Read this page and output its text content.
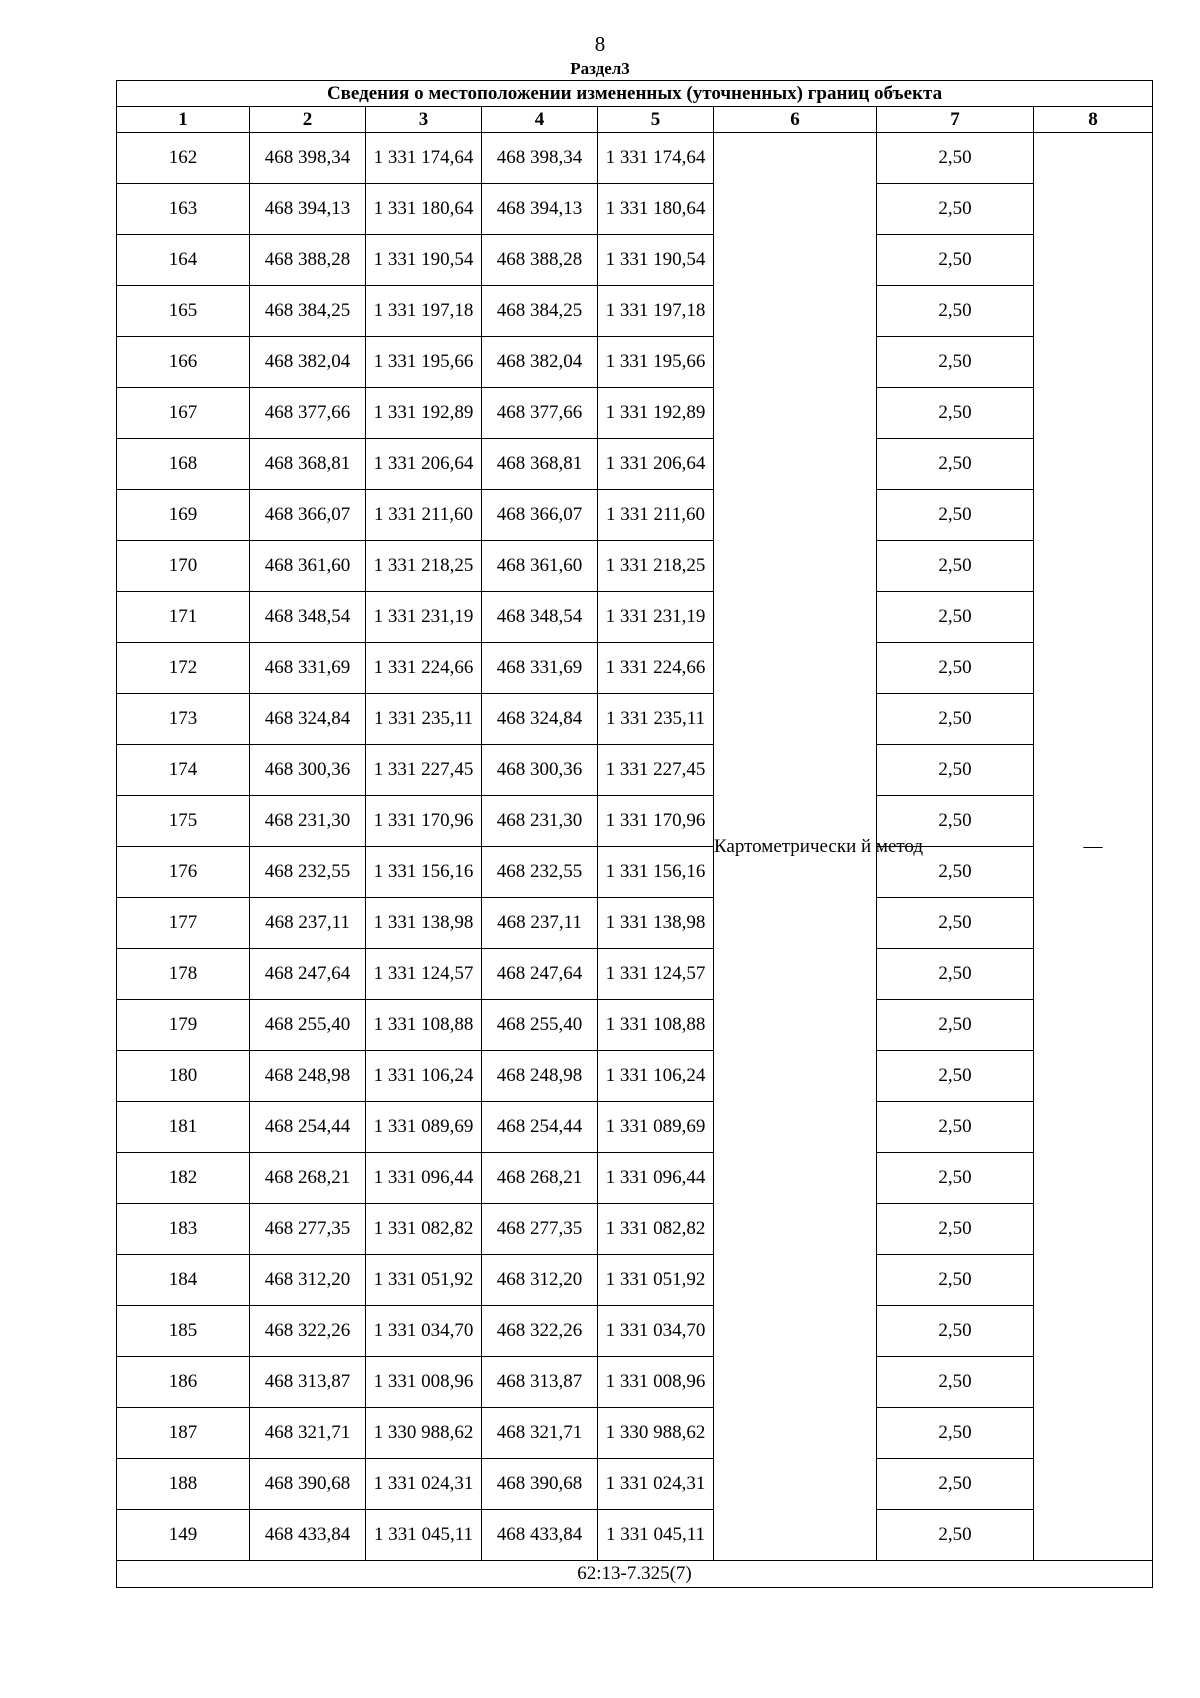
8
Раздел3
Сведения о местоположении измененных (уточненных) границ объекта							
1	2	3	4	5	6	7	8
162	468 398,34	1 331 174,64	468 398,34	1 331 174,64	Картометрически й метод	2,50	—
163	468 394,13	1 331 180,64	468 394,13	1 331 180,64		2,50	
164	468 388,28	1 331 190,54	468 388,28	1 331 190,54		2,50	
165	468 384,25	1 331 197,18	468 384,25	1 331 197,18		2,50	
166	468 382,04	1 331 195,66	468 382,04	1 331 195,66		2,50	
167	468 377,66	1 331 192,89	468 377,66	1 331 192,89		2,50	
168	468 368,81	1 331 206,64	468 368,81	1 331 206,64		2,50	
169	468 366,07	1 331 211,60	468 366,07	1 331 211,60		2,50	
170	468 361,60	1 331 218,25	468 361,60	1 331 218,25		2,50	
171	468 348,54	1 331 231,19	468 348,54	1 331 231,19		2,50	
172	468 331,69	1 331 224,66	468 331,69	1 331 224,66		2,50	
173	468 324,84	1 331 235,11	468 324,84	1 331 235,11		2,50	
174	468 300,36	1 331 227,45	468 300,36	1 331 227,45		2,50	
175	468 231,30	1 331 170,96	468 231,30	1 331 170,96		2,50	
176	468 232,55	1 331 156,16	468 232,55	1 331 156,16		2,50	
177	468 237,11	1 331 138,98	468 237,11	1 331 138,98		2,50	
178	468 247,64	1 331 124,57	468 247,64	1 331 124,57		2,50	
179	468 255,40	1 331 108,88	468 255,40	1 331 108,88		2,50	
180	468 248,98	1 331 106,24	468 248,98	1 331 106,24		2,50	
181	468 254,44	1 331 089,69	468 254,44	1 331 089,69		2,50	
182	468 268,21	1 331 096,44	468 268,21	1 331 096,44		2,50	
183	468 277,35	1 331 082,82	468 277,35	1 331 082,82		2,50	
184	468 312,20	1 331 051,92	468 312,20	1 331 051,92		2,50	
185	468 322,26	1 331 034,70	468 322,26	1 331 034,70		2,50	
186	468 313,87	1 331 008,96	468 313,87	1 331 008,96		2,50	
187	468 321,71	1 330 988,62	468 321,71	1 330 988,62		2,50	
188	468 390,68	1 331 024,31	468 390,68	1 331 024,31		2,50	
149	468 433,84	1 331 045,11	468 433,84	1 331 045,11		2,50	
62:13-7.325(7)							
